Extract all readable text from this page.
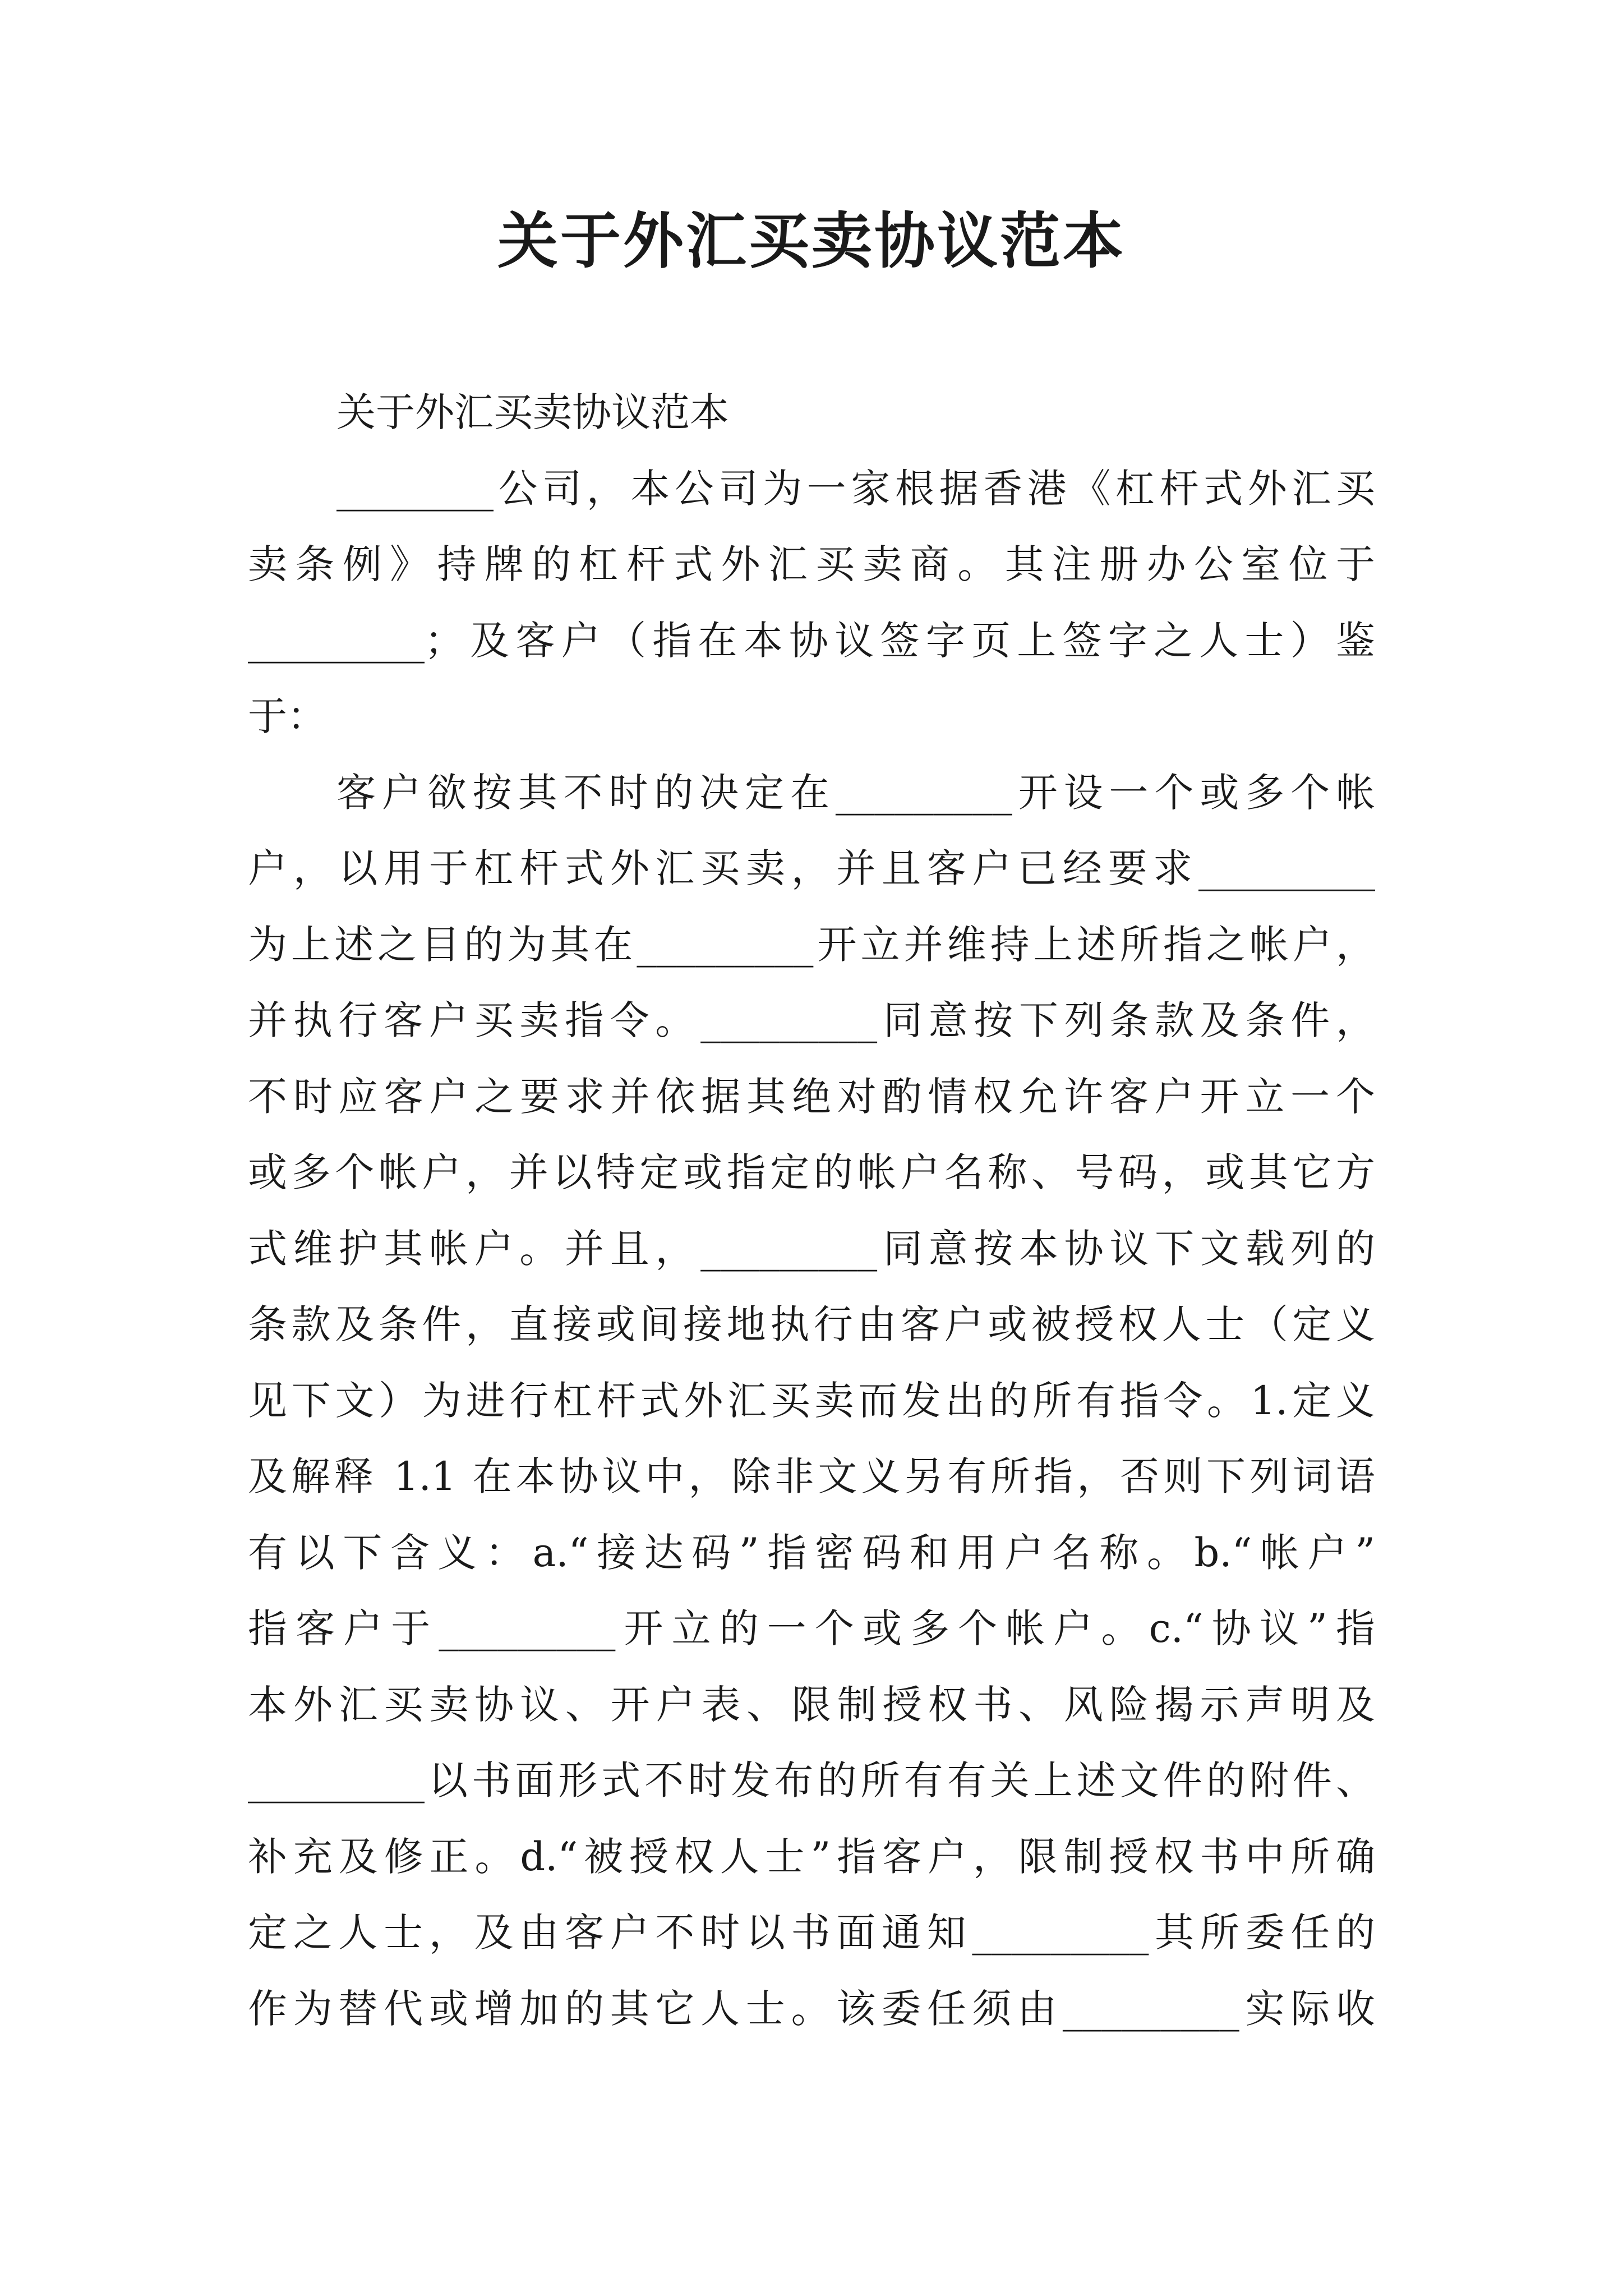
关于外汇买卖协议范本
关于外汇买卖协议范本
________公司，本公司为一家根据香港《杠杆式外汇买
卖条例》持牌的杠杆式外汇买卖商。其注册办公室位于
_________；及客户（指在本协议签字页上签字之人士）鉴
于：
客户欲按其不时的决定在_________开设一个或多个帐
户，以用于杠杆式外汇买卖，并且客户已经要求_________
为上述之目的为其在_________开立并维持上述所指之帐户，
并执行客户买卖指令。_________同意按下列条款及条件，
不时应客户之要求并依据其绝对酌情权允许客户开立一个
或多个帐户，并以特定或指定的帐户名称、号码，或其它方
式维护其帐户。并且，_________同意按本协议下文载列的
条款及条件，直接或间接地执行由客户或被授权人士（定义
见下文）为进行杠杆式外汇买卖而发出的所有指令。1.定义
及解释 1.1 在本协议中，除非文义另有所指，否则下列词语
有以下含义：a.“接达码”指密码和用户名称。b.“帐户”
指客户于_________开立的一个或多个帐户。c.“协议”指
本外汇买卖协议、开户表、限制授权书、风险揭示声明及
_________以书面形式不时发布的所有有关上述文件的附件、
补充及修正。d.“被授权人士”指客户，限制授权书中所确
定之人士，及由客户不时以书面通知_________其所委任的
作为替代或增加的其它人士。该委任须由_________实际收
